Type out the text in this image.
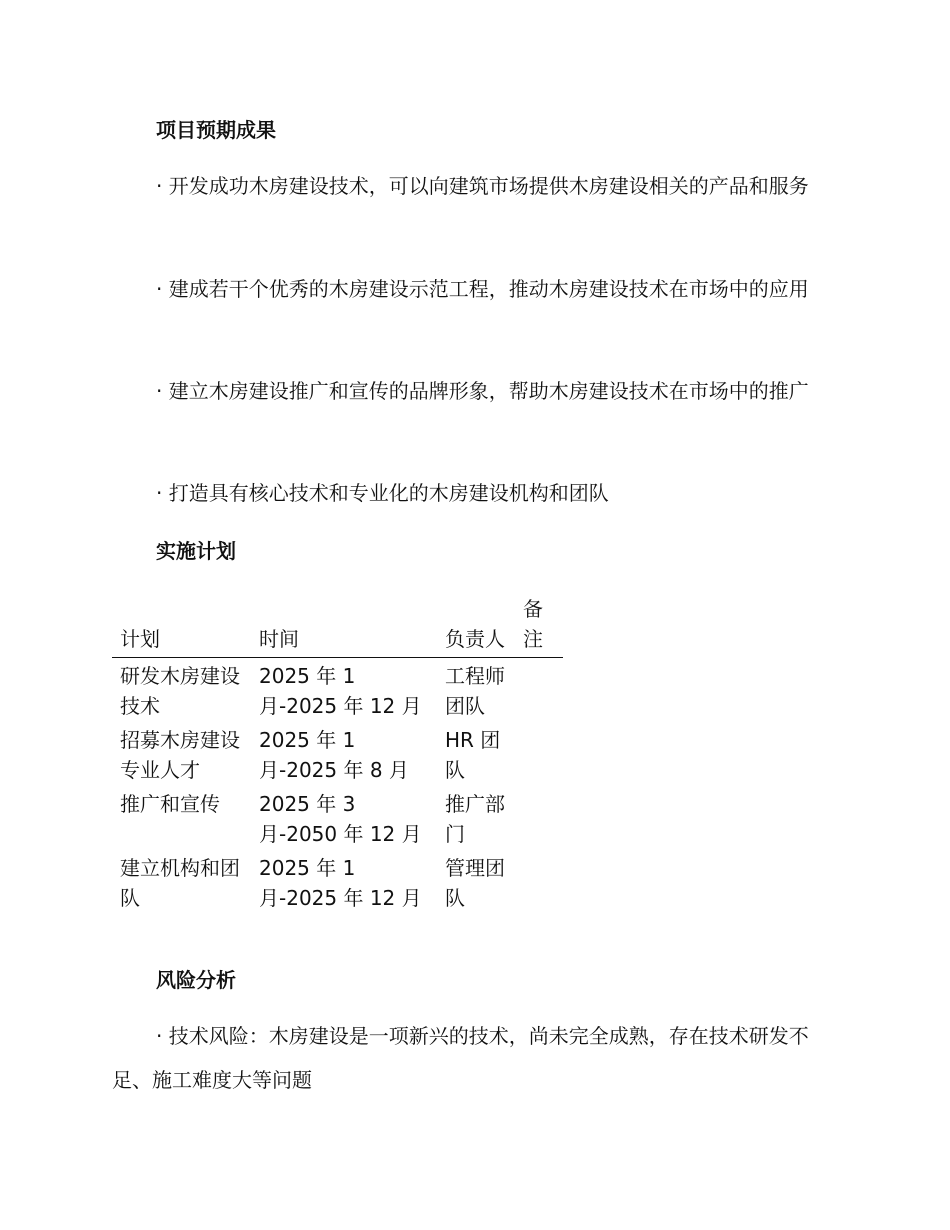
项目预期成果
· 开发成功木房建设技术，可以向建筑市场提供木房建设相关的产品和服务
· 建成若干个优秀的木房建设示范工程，推动木房建设技术在市场中的应用
· 建立木房建设推广和宣传的品牌形象，帮助木房建设技术在市场中的推广
· 打造具有核心技术和专业化的木房建设机构和团队
实施计划
计划	时间	负责人	备注
研发木房建设技术	2025 年 1 月-2025 年 12 月	工程师团队	
招募木房建设专业人才	2025 年 1 月-2025 年 8 月	HR 团队	
推广和宣传	2025 年 3 月-2050 年 12 月	推广部门	
建立机构和团队	2025 年 1 月-2025 年 12 月	管理团队	
风险分析
· 技术风险：木房建设是一项新兴的技术，尚未完全成熟，存在技术研发不足、施工难度大等问题
